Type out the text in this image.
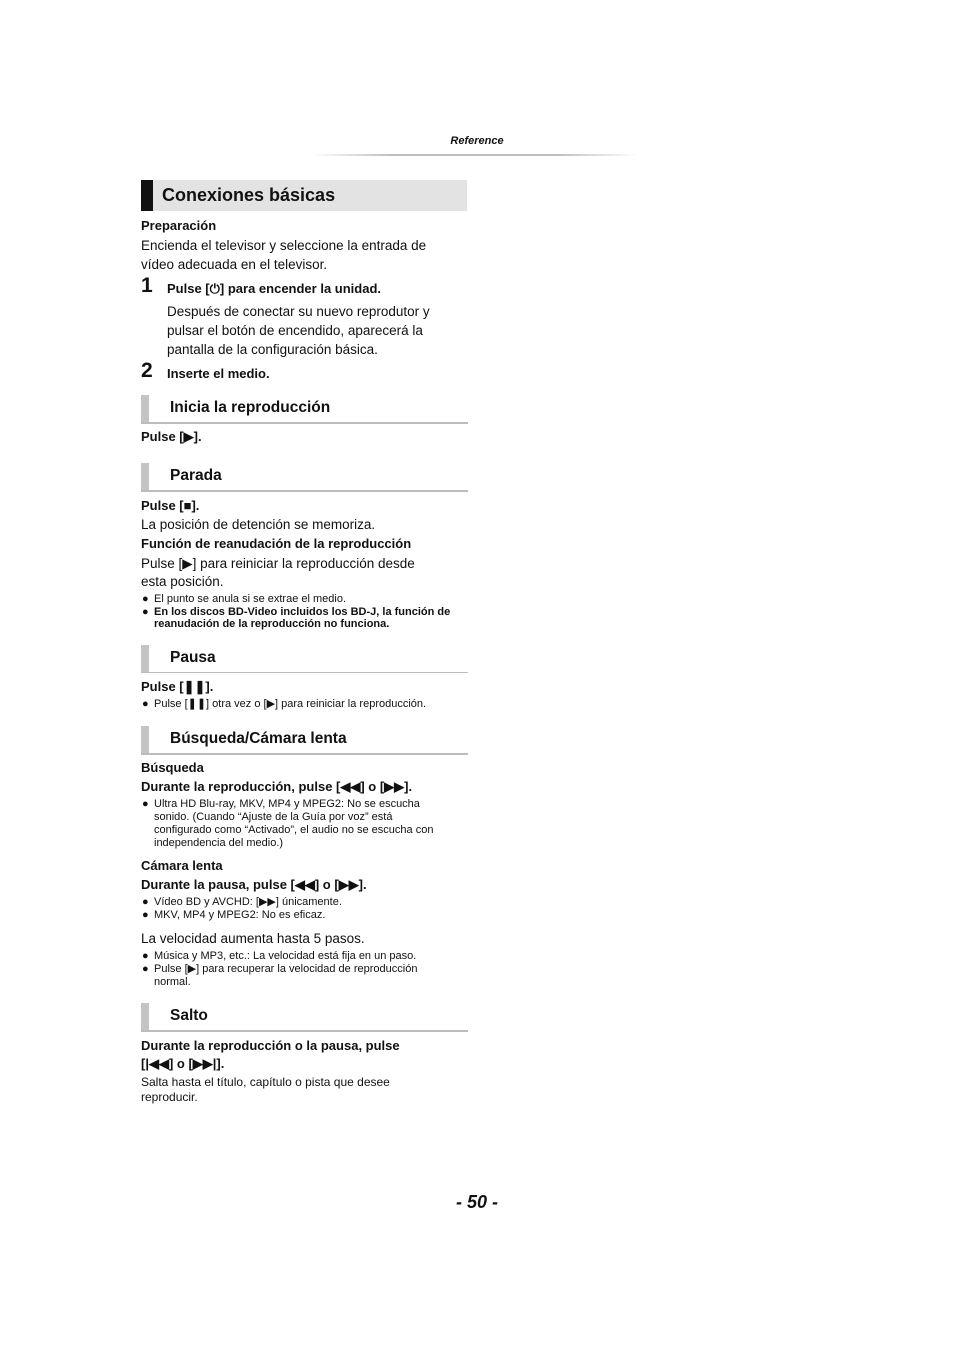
Reference
Conexiones básicas
Preparación
Encienda el televisor y seleccione la entrada de
vídeo adecuada en el televisor.
1 Pulse [⏻] para encender la unidad.
Después de conectar su nuevo reprodutor y
pulsar el botón de encendido, aparecerá la
pantalla de la configuración básica.
2 Inserte el medio.
Inicia la reproducción
Pulse [▶].
Parada
Pulse [■].
La posición de detención se memoriza.
Función de reanudación de la reproducción
Pulse [▶] para reiniciar la reproducción desde
esta posición.
● El punto se anula si se extrae el medio.
● En los discos BD-Video incluidos los BD-J, la función de
reanudación de la reproducción no funciona.
Pausa
Pulse [❚❚].
● Pulse [❚❚] otra vez o [▶] para reiniciar la reproducción.
Búsqueda/Cámara lenta
Búsqueda
Durante la reproducción, pulse [◀◀] o [▶▶].
● Ultra HD Blu-ray, MKV, MP4 y MPEG2: No se escucha
sonido. (Cuando “Ajuste de la Guía por voz” está
configurado como “Activado”, el audio no se escucha con
independencia del medio.)
Cámara lenta
Durante la pausa, pulse [◀◀] o [▶▶].
● Vídeo BD y AVCHD: [▶▶] únicamente.
● MKV, MP4 y MPEG2: No es eficaz.
La velocidad aumenta hasta 5 pasos.
● Música y MP3, etc.: La velocidad está fija en un paso.
● Pulse [▶] para recuperar la velocidad de reproducción
normal.
Salto
Durante la reproducción o la pausa, pulse
[|◀◀] o [▶▶|].
Salta hasta el título, capítulo o pista que desee
reproducir.
- 50 -
